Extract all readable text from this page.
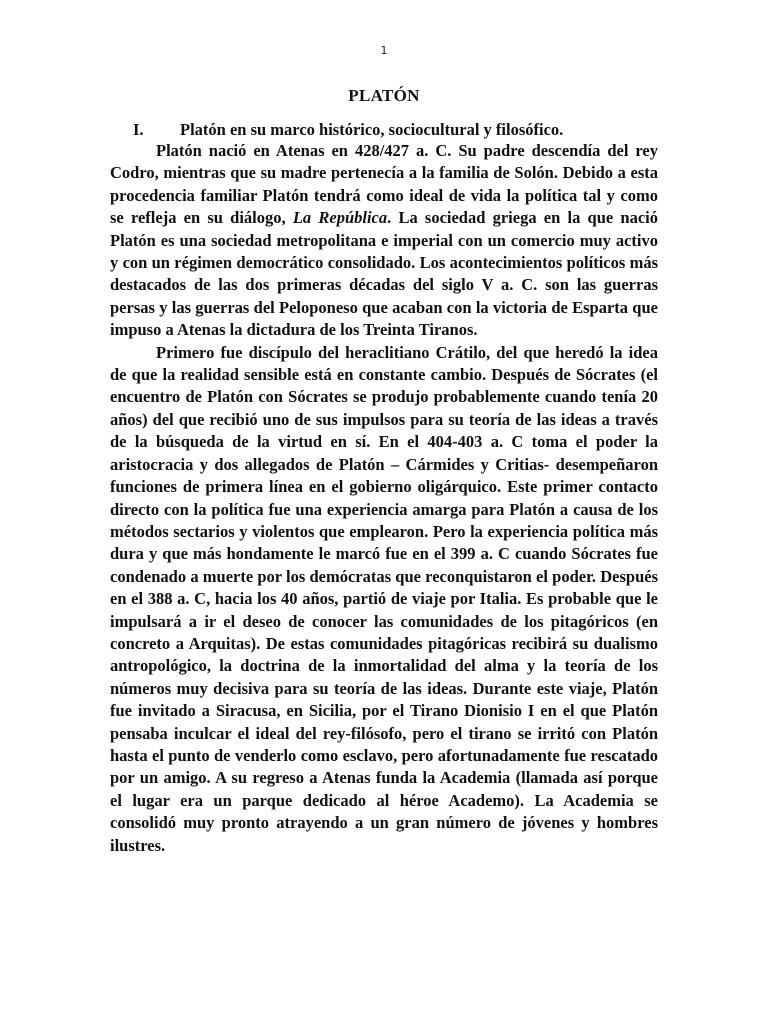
1
PLATÓN
I. Platón en su marco histórico, sociocultural y filosófico.

Platón nació en Atenas en 428/427 a. C. Su padre descendía del rey Codro, mientras que su madre pertenecía a la familia de Solón. Debido a esta procedencia familiar Platón tendrá como ideal de vida la política tal y como se refleja en su diálogo, La República. La sociedad griega en la que nació Platón es una sociedad metropolitana e imperial con un comercio muy activo y con un régimen democrático consolidado. Los acontecimientos políticos más destacados de las dos primeras décadas del siglo V a. C. son las guerras persas y las guerras del Peloponeso que acaban con la victoria de Esparta que impuso a Atenas la dictadura de los Treinta Tiranos.

Primero fue discípulo del heraclitiano Crátilo, del que heredó la idea de que la realidad sensible está en constante cambio. Después de Sócrates (el encuentro de Platón con Sócrates se produjo probablemente cuando tenía 20 años) del que recibió uno de sus impulsos para su teoría de las ideas a través de la búsqueda de la virtud en sí. En el 404-403 a. C toma el poder la aristocracia y dos allegados de Platón – Cármides y Critias- desempeñaron funciones de primera línea en el gobierno oligárquico. Este primer contacto directo con la política fue una experiencia amarga para Platón a causa de los métodos sectarios y violentos que emplearon. Pero la experiencia política más dura y que más hondamente le marcó fue en el 399 a. C cuando Sócrates fue condenado a muerte por los demócratas que reconquistaron el poder. Después en el 388 a. C, hacia los 40 años, partió de viaje por Italia. Es probable que le impulsará a ir el deseo de conocer las comunidades de los pitagóricos (en concreto a Arquitas). De estas comunidades pitagóricas recibirá su dualismo antropológico, la doctrina de la inmortalidad del alma y la teoría de los números muy decisiva para su teoría de las ideas. Durante este viaje, Platón fue invitado a Siracusa, en Sicilia, por el Tirano Dionisio I en el que Platón pensaba inculcar el ideal del rey-filósofo, pero el tirano se irritó con Platón hasta el punto de venderlo como esclavo, pero afortunadamente fue rescatado por un amigo. A su regreso a Atenas funda la Academia (llamada así porque el lugar era un parque dedicado al héroe Academo). La Academia se consolidó muy pronto atrayendo a un gran número de jóvenes y hombres ilustres.
